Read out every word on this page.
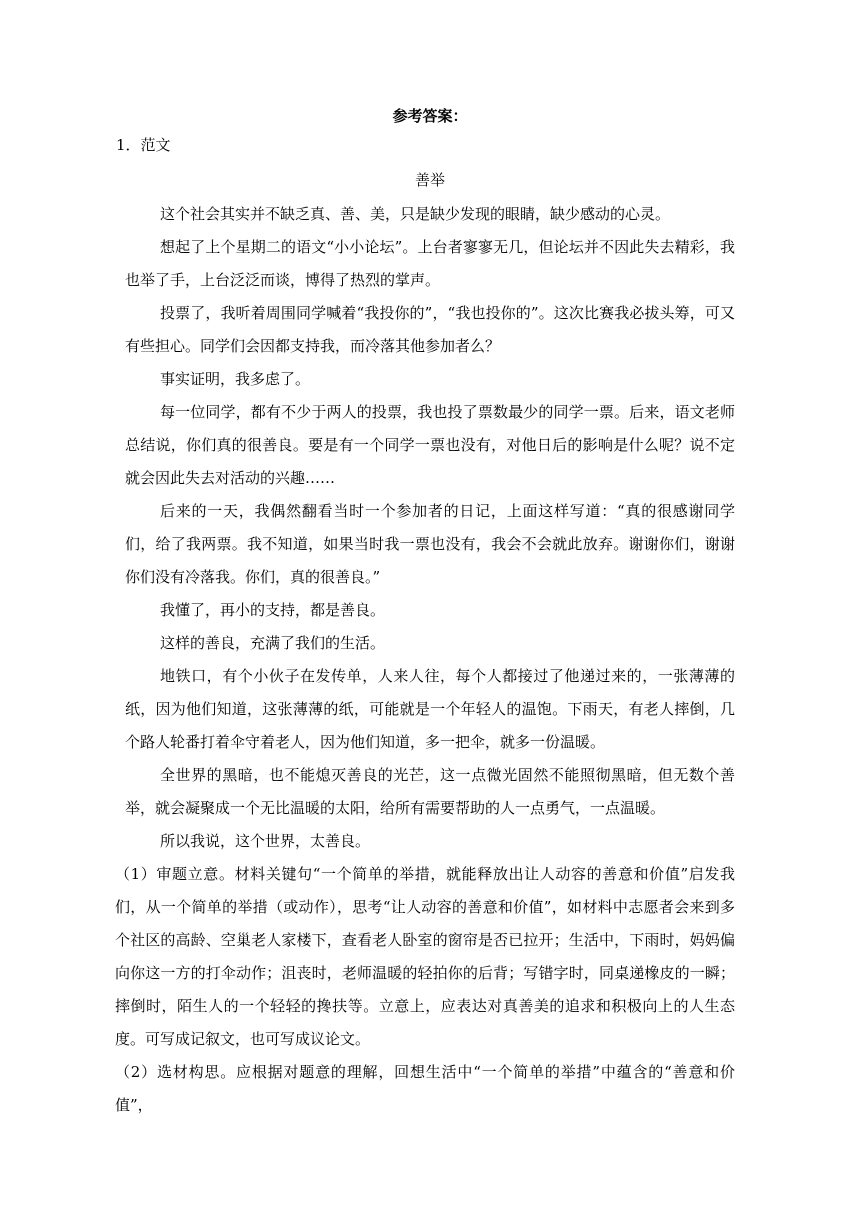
参考答案：
1．范文
善举

这个社会其实并不缺乏真、善、美，只是缺少发现的眼睛，缺少感动的心灵。

想起了上个星期二的语文“小小论坛”。上台者寥寥无几，但论坛并不因此失去精彩，我也举了手，上台泛泛而谈，博得了热烈的掌声。

投票了，我听着周围同学喊着“我投你的”，“我也投你的”。这次比赛我必拔头筹，可又有些担心。同学们会因都支持我，而冷落其他参加者么？

事实证明，我多虑了。

每一位同学，都有不少于两人的投票，我也投了票数最少的同学一票。后来，语文老师总结说，你们真的很善良。要是有一个同学一票也没有，对他日后的影响是什么呢？说不定就会因此失去对活动的兴趣……

后来的一天，我偶然翻看当时一个参加者的日记，上面这样写道：“真的很感谢同学们，给了我两票。我不知道，如果当时我一票也没有，我会不会就此放弃。谢谢你们，谢谢你们没有冷落我。你们，真的很善良。”

我懂了，再小的支持，都是善良。

这样的善良，充满了我们的生活。

地铁口，有个小伙子在发传单，人来人往，每个人都接过了他递过来的，一张薄薄的纸，因为他们知道，这张薄薄的纸，可能就是一个年轻人的温饱。下雨天，有老人摔倒，几个路人轮番打着伞守着老人，因为他们知道，多一把伞，就多一份温暖。

全世界的黑暗，也不能熄灭善良的光芒，这一点微光固然不能照彻黑暗，但无数个善举，就会凝聚成一个无比温暖的太阳，给所有需要帮助的人一点勇气，一点温暖。

所以我说，这个世界，太善良。

（1）审题立意。材料关键句“一个简单的举措，就能释放出让人动容的善意和价值”启发我们，从一个简单的举措（或动作），思考“让人动容的善意和价值”，如材料中志愿者会来到多个社区的高龄、空巢老人家楼下，查看老人卧室的窗帘是否已拉开；生活中，下雨时，妈妈偏向你这一方的打伞动作；沮丧时，老师温暖的轻拍你的后背；写错字时，同桌递橡皮的一瞬；摔倒时，陌生人的一个轻轻的搀扶等。立意上，应表达对真善美的追求和积极向上的人生态度。可写成记叙文，也可写成议论文。

（2）选材构思。应根据对题意的理解，回想生活中“一个简单的举措”中蕴含的“善意和价值”，
